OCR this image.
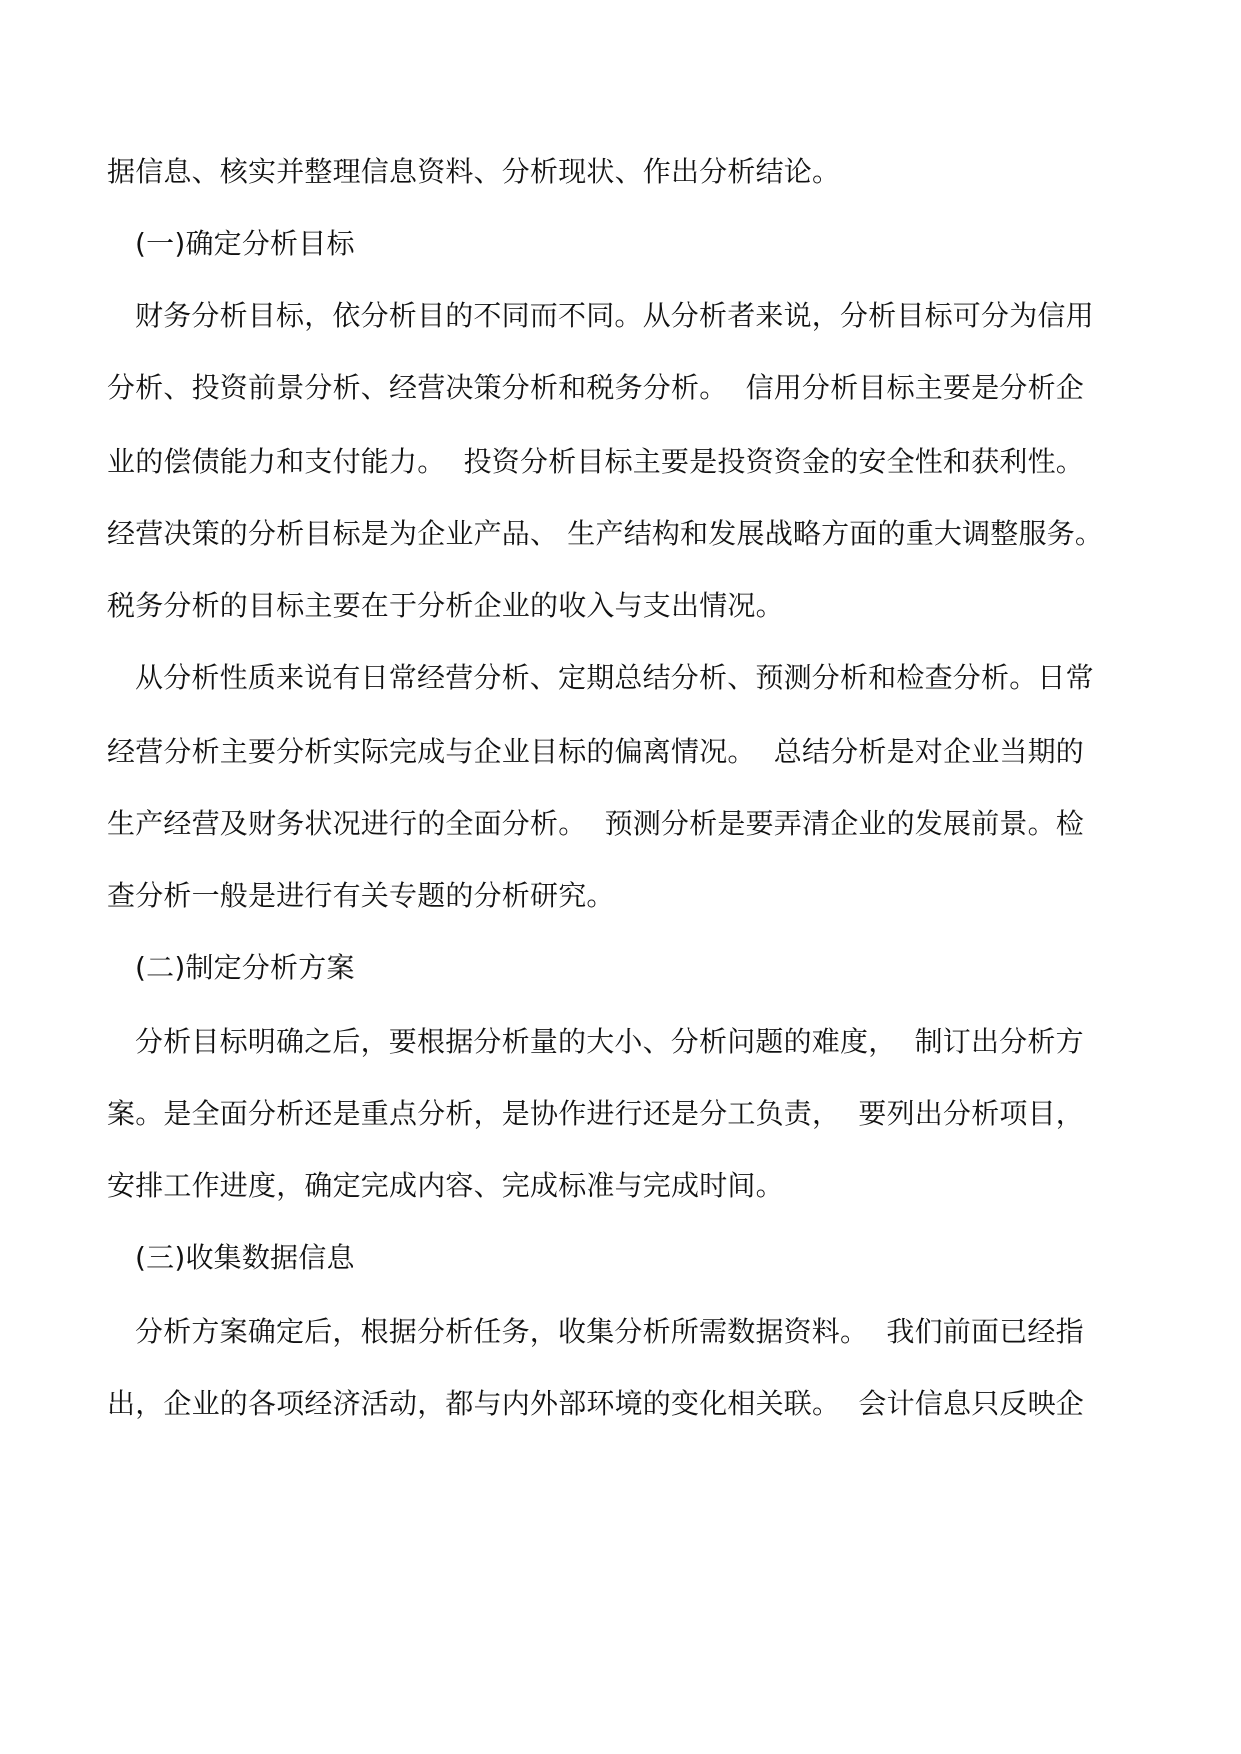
据信息、核实并整理信息资料、分析现状、作出分析结论。
(一)确定分析目标
财务分析目标，依分析目的不同而不同。从分析者来说，分析目标可分为信用
分析、投资前景分析、经营决策分析和税务分析。  信用分析目标主要是分析企
业的偿债能力和支付能力。  投资分析目标主要是投资资金的安全性和获利性。
经营决策的分析目标是为企业产品、 生产结构和发展战略方面的重大调整服务。
税务分析的目标主要在于分析企业的收入与支出情况。
从分析性质来说有日常经营分析、定期总结分析、预测分析和检查分析。日常
经营分析主要分析实际完成与企业目标的偏离情况。  总结分析是对企业当期的
生产经营及财务状况进行的全面分析。  预测分析是要弄清企业的发展前景。检
查分析一般是进行有关专题的分析研究。
(二)制定分析方案
分析目标明确之后，要根据分析量的大小、分析问题的难度，  制订出分析方
案。是全面分析还是重点分析，是协作进行还是分工负责，  要列出分析项目，
安排工作进度，确定完成内容、完成标准与完成时间。
(三)收集数据信息
分析方案确定后，根据分析任务，收集分析所需数据资料。  我们前面已经指
出，企业的各项经济活动，都与内外部环境的变化相关联。  会计信息只反映企
